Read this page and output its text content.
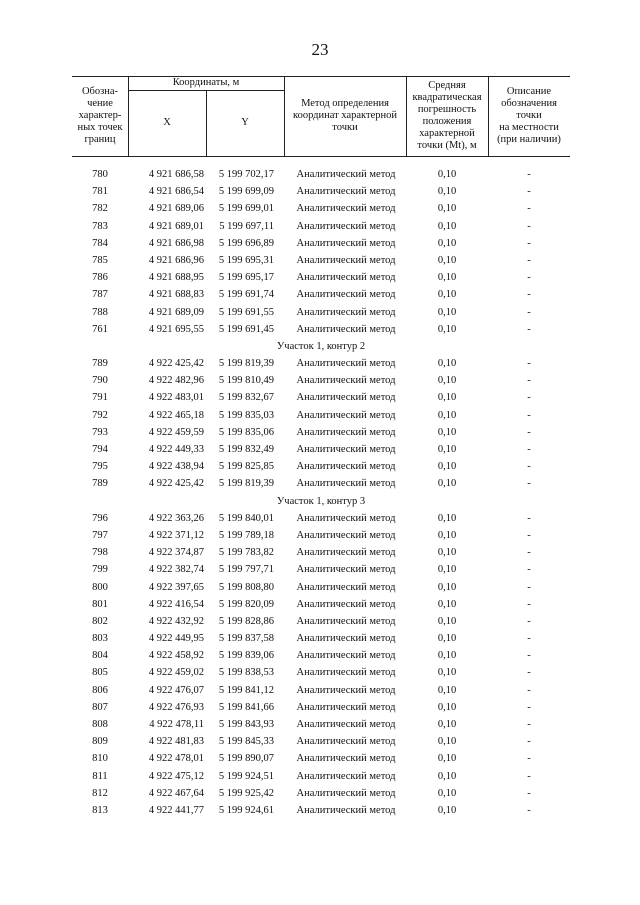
23
Обозна-
чение
характер-
ных точек
границ
Координаты, м
X	Y
Метод определения
координат характерной
точки
Средняя
квадратическая
погрешность
положения
характерной
точки (Mt), м
Описание
обозначения
точки
на местности
(при наличии)
780	4 921 686,58	5 199 702,17	Аналитический метод	0,10	-
781	4 921 686,54	5 199 699,09	Аналитический метод	0,10	-
782	4 921 689,06	5 199 699,01	Аналитический метод	0,10	-
783	4 921 689,01	5 199 697,11	Аналитический метод	0,10	-
784	4 921 686,98	5 199 696,89	Аналитический метод	0,10	-
785	4 921 686,96	5 199 695,31	Аналитический метод	0,10	-
786	4 921 688,95	5 199 695,17	Аналитический метод	0,10	-
787	4 921 688,83	5 199 691,74	Аналитический метод	0,10	-
788	4 921 689,09	5 199 691,55	Аналитический метод	0,10	-
761	4 921 695,55	5 199 691,45	Аналитический метод	0,10	-
Участок 1, контур 2
789	4 922 425,42	5 199 819,39	Аналитический метод	0,10	-
790	4 922 482,96	5 199 810,49	Аналитический метод	0,10	-
791	4 922 483,01	5 199 832,67	Аналитический метод	0,10	-
792	4 922 465,18	5 199 835,03	Аналитический метод	0,10	-
793	4 922 459,59	5 199 835,06	Аналитический метод	0,10	-
794	4 922 449,33	5 199 832,49	Аналитический метод	0,10	-
795	4 922 438,94	5 199 825,85	Аналитический метод	0,10	-
789	4 922 425,42	5 199 819,39	Аналитический метод	0,10	-
Участок 1, контур 3
796	4 922 363,26	5 199 840,01	Аналитический метод	0,10	-
797	4 922 371,12	5 199 789,18	Аналитический метод	0,10	-
798	4 922 374,87	5 199 783,82	Аналитический метод	0,10	-
799	4 922 382,74	5 199 797,71	Аналитический метод	0,10	-
800	4 922 397,65	5 199 808,80	Аналитический метод	0,10	-
801	4 922 416,54	5 199 820,09	Аналитический метод	0,10	-
802	4 922 432,92	5 199 828,86	Аналитический метод	0,10	-
803	4 922 449,95	5 199 837,58	Аналитический метод	0,10	-
804	4 922 458,92	5 199 839,06	Аналитический метод	0,10	-
805	4 922 459,02	5 199 838,53	Аналитический метод	0,10	-
806	4 922 476,07	5 199 841,12	Аналитический метод	0,10	-
807	4 922 476,93	5 199 841,66	Аналитический метод	0,10	-
808	4 922 478,11	5 199 843,93	Аналитический метод	0,10	-
809	4 922 481,83	5 199 845,33	Аналитический метод	0,10	-
810	4 922 478,01	5 199 890,07	Аналитический метод	0,10	-
811	4 922 475,12	5 199 924,51	Аналитический метод	0,10	-
812	4 922 467,64	5 199 925,42	Аналитический метод	0,10	-
813	4 922 441,77	5 199 924,61	Аналитический метод	0,10	-
